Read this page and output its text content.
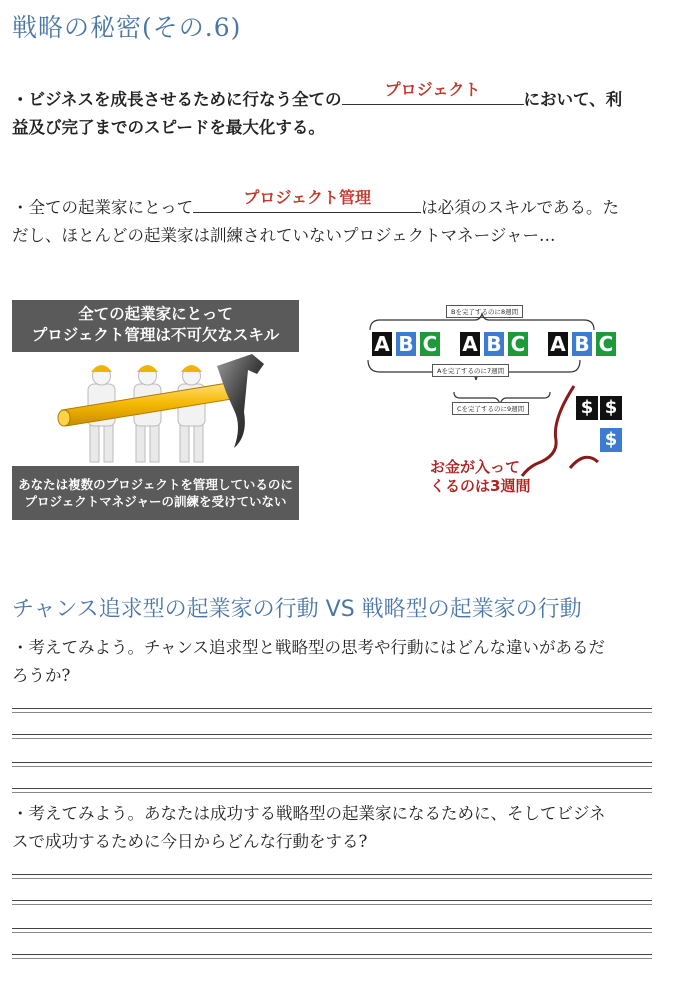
戦略の秘密(その.6)
・ビジネスを成長させるために行なう全ての
プロジェクト
において、利
益及び完了までのスピードを最大化する。
・全ての起業家にとって
プロジェクト管理
は必須のスキルである。た
だし、ほとんどの起業家は訓練されていないプロジェクトマネージャー…
全ての起業家にとって
プロジェクト管理は不可欠なスキル
あなたは複数のプロジェクトを管理しているのに
プロジェクトマネジャーの訓練を受けていない
Bを完了するのに8週間
A B C A B C A B C
Aを完了するのに7週間
Cを完了するのに9週間	$ $
$
お金が入って
くるのは3週間
チャンス追求型の起業家の行動 VS 戦略型の起業家の行動
・考えてみよう。チャンス追求型と戦略型の思考や行動にはどんな違いがあるだ
ろうか?
・考えてみよう。あなたは成功する戦略型の起業家になるために、そしてビジネ
スで成功するために今日からどんな行動をする?
